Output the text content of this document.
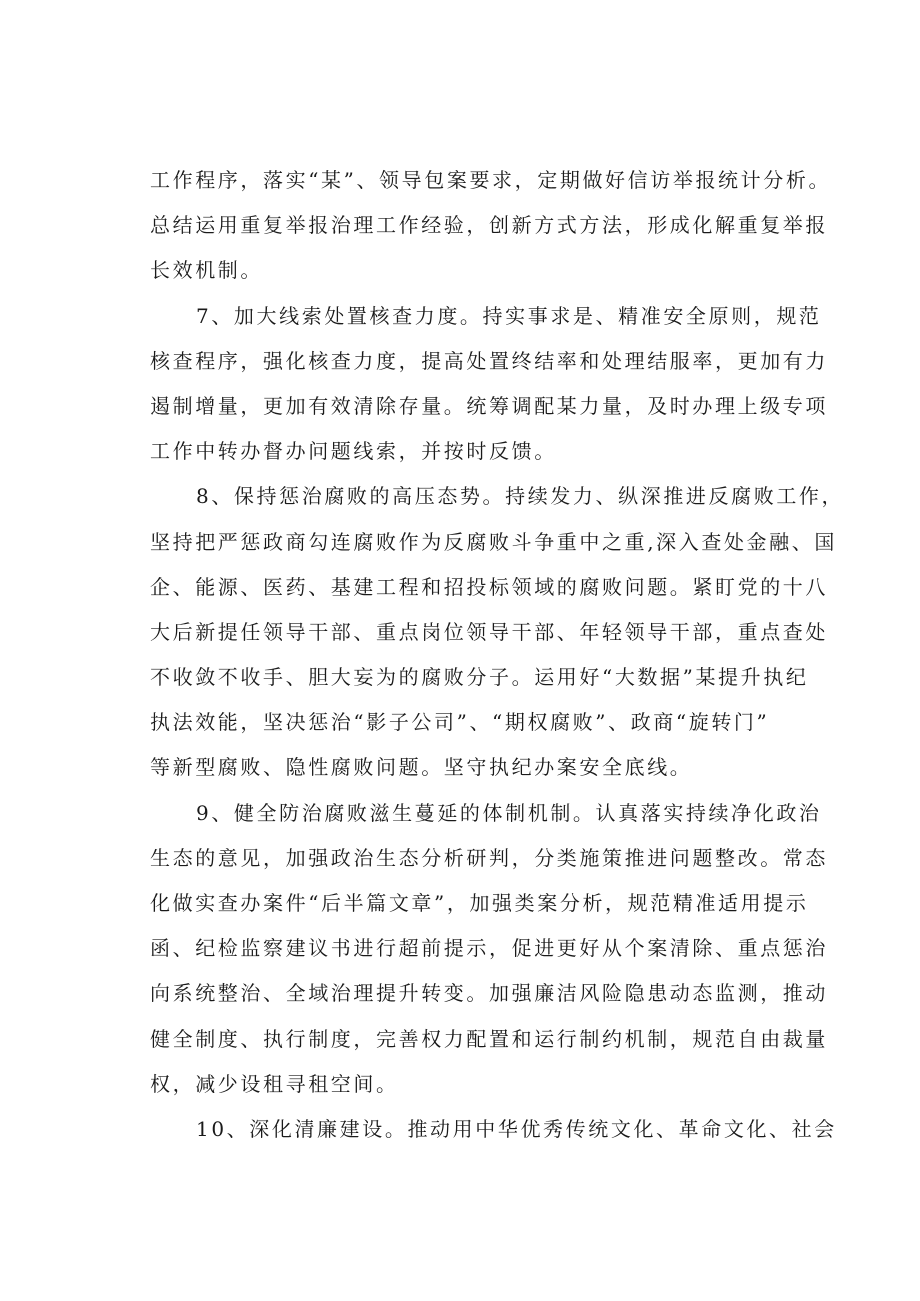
工作程序，落实“某”、领导包案要求，定期做好信访举报统计分析。
总结运用重复举报治理工作经验，创新方式方法，形成化解重复举报
长效机制。
7、加大线索处置核查力度。持实事求是、精准安全原则，规范
核查程序，强化核查力度，提高处置终结率和处理结服率，更加有力
遏制增量，更加有效清除存量。统筹调配某力量，及时办理上级专项
工作中转办督办问题线索，并按时反馈。
8、保持惩治腐败的高压态势。持续发力、纵深推进反腐败工作，
坚持把严惩政商勾连腐败作为反腐败斗争重中之重,深入查处金融、国
企、能源、医药、基建工程和招投标领域的腐败问题。紧盯党的十八
大后新提任领导干部、重点岗位领导干部、年轻领导干部，重点查处
不收敛不收手、胆大妄为的腐败分子。运用好“大数据”某提升执纪
执法效能，坚决惩治“影子公司”、“期权腐败”、政商“旋转门”
等新型腐败、隐性腐败问题。坚守执纪办案安全底线。
9、健全防治腐败滋生蔓延的体制机制。认真落实持续净化政治
生态的意见，加强政治生态分析研判，分类施策推进问题整改。常态
化做实查办案件“后半篇文章”，加强类案分析，规范精准适用提示
函、纪检监察建议书进行超前提示，促进更好从个案清除、重点惩治
向系统整治、全域治理提升转变。加强廉洁风险隐患动态监测，推动
健全制度、执行制度，完善权力配置和运行制约机制，规范自由裁量
权，减少设租寻租空间。
10、深化清廉建设。推动用中华优秀传统文化、革命文化、社会
